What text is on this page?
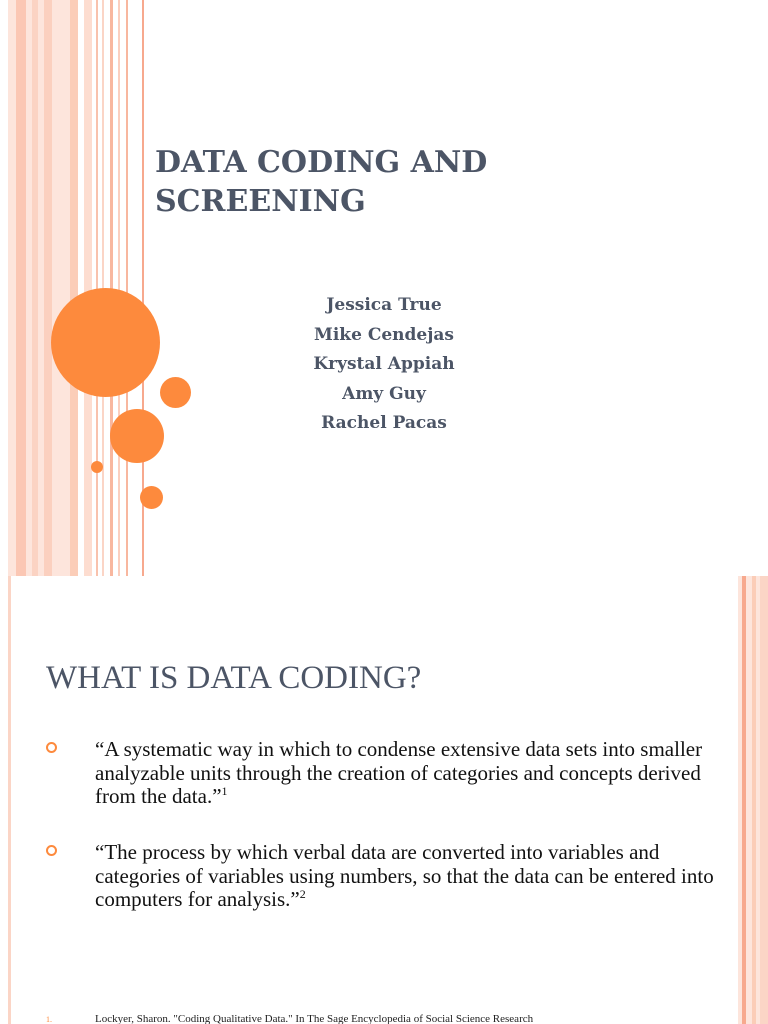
DATA CODING AND SCREENING
Jessica True
Mike Cendejas
Krystal Appiah
Amy Guy
Rachel Pacas
WHAT IS DATA CODING?
“A systematic way in which to condense extensive data sets into smaller analyzable units through the creation of categories and concepts derived from the data.”$^1$
“The process by which verbal data are converted into variables and categories of variables using numbers, so that the data can be entered into computers for analysis.”$^2$
1.	Lockyer, Sharon. "Coding Qualitative Data." In The Sage Encyclopedia of Social Science Research
